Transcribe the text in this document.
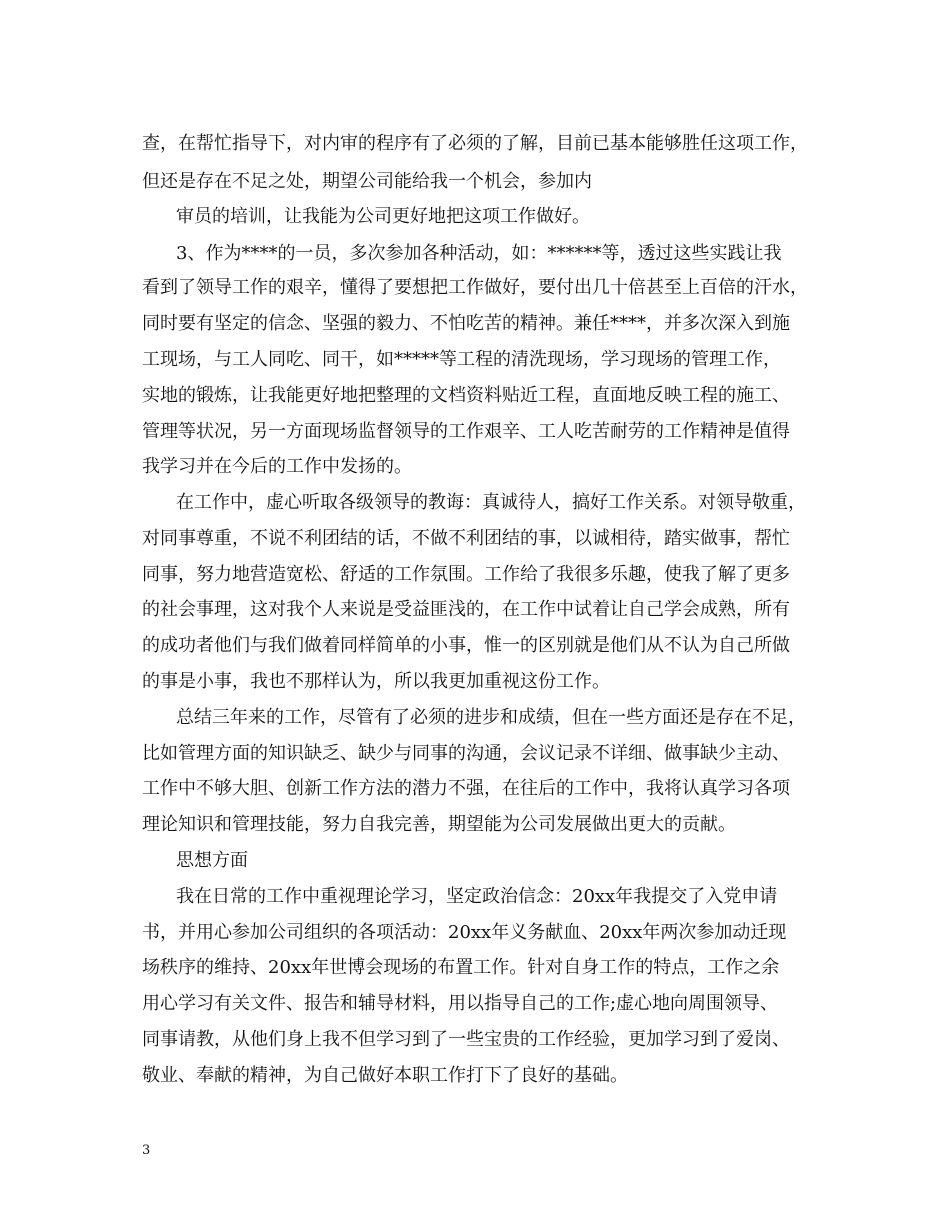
查，在帮忙指导下，对内审的程序有了必须的了解，目前已基本能够胜任这项工作，
但还是存在不足之处，期望公司能给我一个机会，参加内
审员的培训，让我能为公司更好地把这项工作做好。
3、作为****的一员，多次参加各种活动，如：******等，透过这些实践让我
看到了领导工作的艰辛，懂得了要想把工作做好，要付出几十倍甚至上百倍的汗水，
同时要有坚定的信念、坚强的毅力、不怕吃苦的精神。兼任****，并多次深入到施
工现场，与工人同吃、同干，如*****等工程的清洗现场，学习现场的管理工作，
实地的锻炼，让我能更好地把整理的文档资料贴近工程，直面地反映工程的施工、
管理等状况，另一方面现场监督领导的工作艰辛、工人吃苦耐劳的工作精神是值得
我学习并在今后的工作中发扬的。
在工作中，虚心听取各级领导的教诲：真诚待人，搞好工作关系。对领导敬重，
对同事尊重，不说不利团结的话，不做不利团结的事，以诚相待，踏实做事，帮忙
同事，努力地营造宽松、舒适的工作氛围。工作给了我很多乐趣，使我了解了更多
的社会事理，这对我个人来说是受益匪浅的，在工作中试着让自己学会成熟，所有
的成功者他们与我们做着同样简单的小事，惟一的区别就是他们从不认为自己所做
的事是小事，我也不那样认为，所以我更加重视这份工作。
总结三年来的工作，尽管有了必须的进步和成绩，但在一些方面还是存在不足，
比如管理方面的知识缺乏、缺少与同事的沟通，会议记录不详细、做事缺少主动、
工作中不够大胆、创新工作方法的潜力不强，在往后的工作中，我将认真学习各项
理论知识和管理技能，努力自我完善，期望能为公司发展做出更大的贡献。
思想方面
我在日常的工作中重视理论学习，坚定政治信念：20xx年我提交了入党申请
书，并用心参加公司组织的各项活动：20xx年义务献血、20xx年两次参加动迁现
场秩序的维持、20xx年世博会现场的布置工作。针对自身工作的特点，工作之余
用心学习有关文件、报告和辅导材料，用以指导自己的工作;虚心地向周围领导、
同事请教，从他们身上我不但学习到了一些宝贵的工作经验，更加学习到了爱岗、
敬业、奉献的精神，为自己做好本职工作打下了良好的基础。
3
